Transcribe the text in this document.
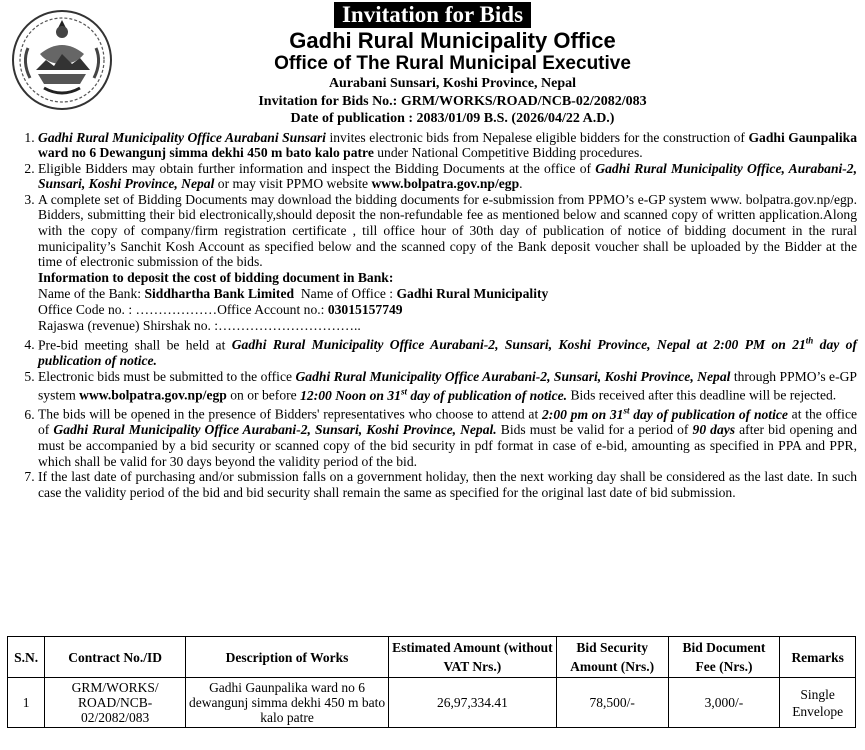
Invitation for Bids
Gadhi Rural Municipality Office
Office of The Rural Municipal Executive
Aurabani Sunsari, Koshi Province, Nepal
Invitation for Bids No.: GRM/WORKS/ROAD/NCB-02/2082/083
Date of publication : 2083/01/09 B.S. (2026/04/22 A.D.)
1. Gadhi Rural Municipality Office Aurabani Sunsari invites electronic bids from Nepalese eligible bidders for the construction of Gadhi Gaunpalika ward no 6 Dewangunj simma dekhi 450 m bato kalo patre under National Competitive Bidding procedures.
2. Eligible Bidders may obtain further information and inspect the Bidding Documents at the office of Gadhi Rural Municipality Office, Aurabani-2, Sunsari, Koshi Province, Nepal or may visit PPMO website www.bolpatra.gov.np/egp.
3. A complete set of Bidding Documents may download the bidding documents for e-submission from PPMO’s e-GP system www. bolpatra.gov.np/egp. Bidders, submitting their bid electronically,should deposit the non-refundable fee as mentioned below and scanned copy of written application.Along with the copy of company/firm registration certificate , till office hour of 30th day of publication of notice of bidding document in the rural municipality’s Sanchit Kosh Account as specified below and the scanned copy of the Bank deposit voucher shall be uploaded by the Bidder at the time of electronic submission of the bids.
Information to deposit the cost of bidding document in Bank:
Name of the Bank: Siddhartha Bank Limited  Name of Office : Gadhi Rural Municipality
Office Code no. : ………………Office Account no.: 03015157749
Rajaswa (revenue) Shirshak no. :…………………………..
4. Pre-bid meeting shall be held at Gadhi Rural Municipality Office Aurabani-2, Sunsari, Koshi Province, Nepal at 2:00 PM on 21th day of publication of notice.
5. Electronic bids must be submitted to the office Gadhi Rural Municipality Office Aurabani-2, Sunsari, Koshi Province, Nepal through PPMO’s e-GP system www.bolpatra.gov.np/egp on or before 12:00 Noon on 31st day of publication of notice. Bids received after this deadline will be rejected.
6. The bids will be opened in the presence of Bidders' representatives who choose to attend at 2:00 pm on 31st day of publication of notice at the office of Gadhi Rural Municipality Office Aurabani-2, Sunsari, Koshi Province, Nepal. Bids must be valid for a period of 90 days after bid opening and must be accompanied by a bid security or scanned copy of the bid security in pdf format in case of e-bid, amounting as specified in PPA and PPR, which shall be valid for 30 days beyond the validity period of the bid.
7. If the last date of purchasing and/or submission falls on a government holiday, then the next working day shall be considered as the last date. In such case the validity period of the bid and bid security shall remain the same as specified for the original last date of bid submission.
S.N.	Contract No./ID	Description of Works	Estimated Amount (without VAT Nrs.)	Bid Security Amount (Nrs.)	Bid Document Fee (Nrs.)	Remarks
1	GRM/WORKS/ ROAD/NCB-02/2082/083	Gadhi Gaunpalika ward no 6 dewangunj simma dekhi 450 m bato kalo patre	26,97,334.41	78,500/-	3,000/-	Single Envelope
